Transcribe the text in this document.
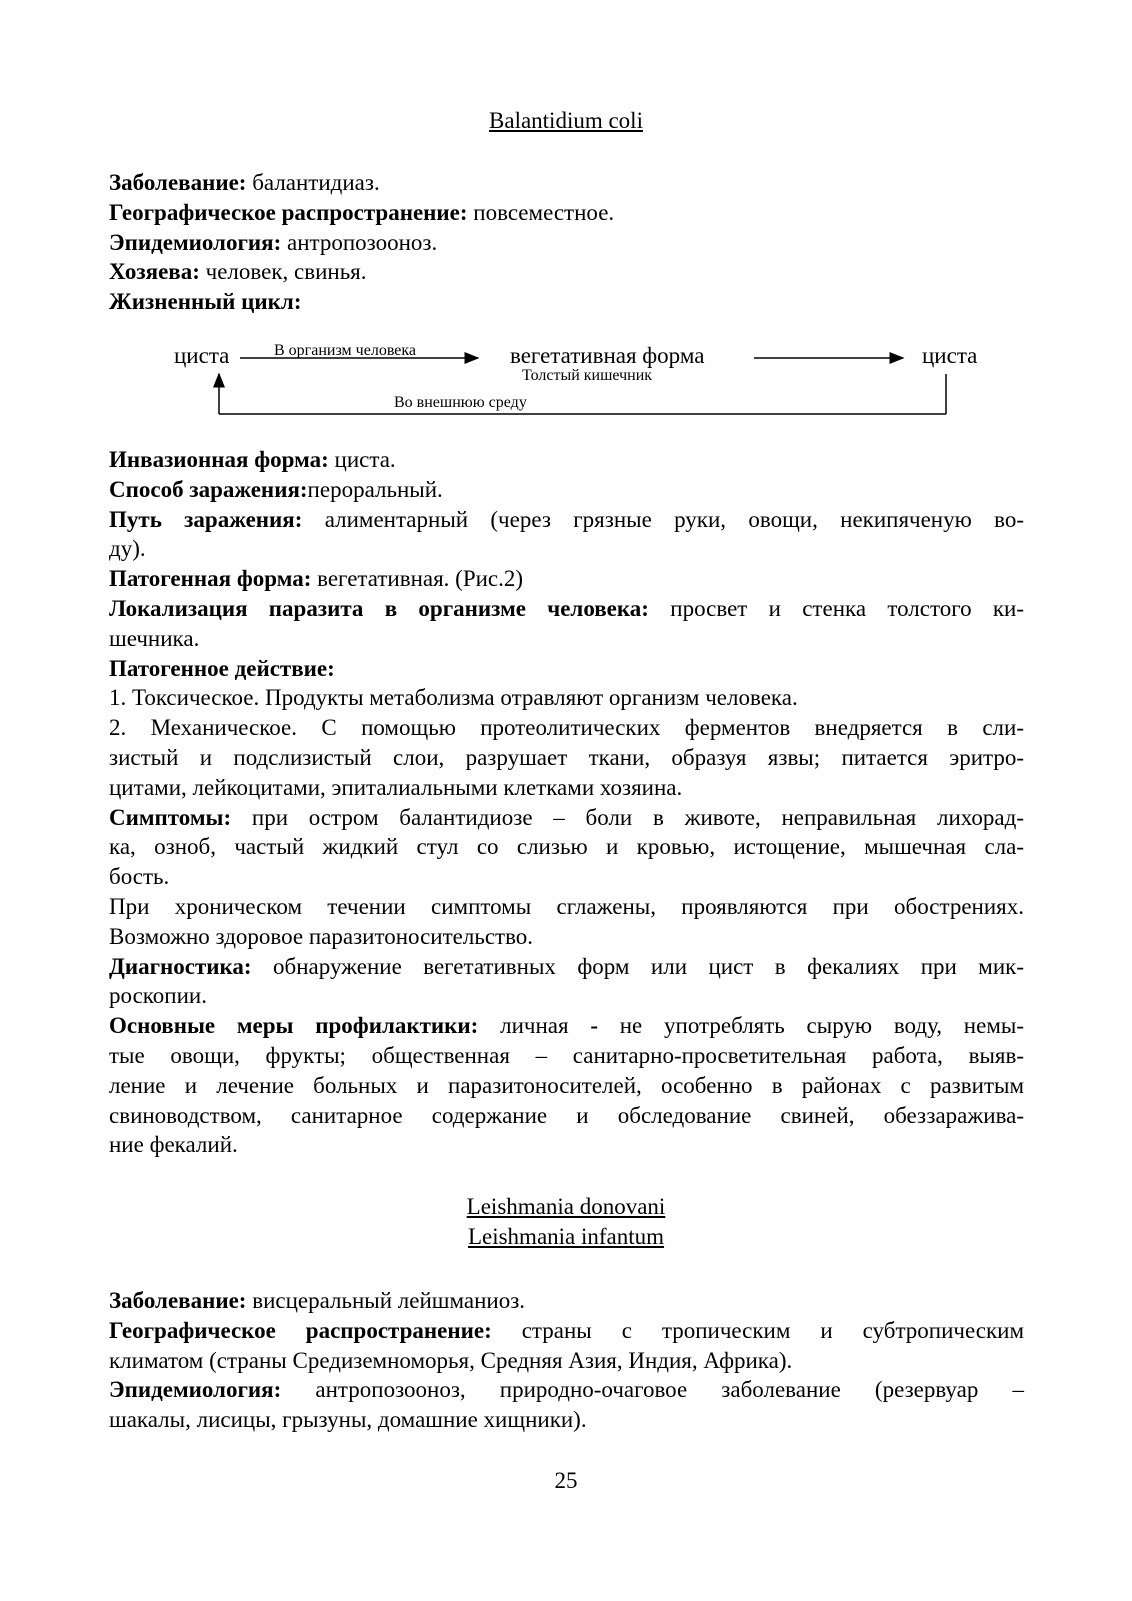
Balantidium coli
Заболевание: балантидиаз.
Географическое распространение: повсеместное.
Эпидемиология: антропозооноз.
Хозяева: человек, свинья.
Жизненный цикл:
циста	В организм человека	вегетативная форма
Толстый кишечник
циста
Во внешнюю среду
Инвазионная форма: циста.
Способ заражения:пероральный.
Путь заражения: алиментарный (через грязные руки, овощи, некипяченую во-
ду).
Патогенная форма: вегетативная. (Рис.2)
Локализация паразита в организме человека: просвет и стенка толстого ки-
шечника.
Патогенное действие:
1. Токсическое. Продукты метаболизма отравляют организм человека.
2. Механическое. С помощью протеолитических ферментов внедряется в сли-
зистый и подслизистый слои, разрушает ткани, образуя язвы; питается эритро-
цитами, лейкоцитами, эпиталиальными клетками хозяина.
Симптомы: при остром балантидиозе – боли в животе, неправильная лихорад-
ка, озноб, частый жидкий стул со слизью и кровью, истощение, мышечная сла-
бость.
При хроническом течении симптомы сглажены, проявляются при обострениях.
Возможно здоровое паразитоносительство.
Диагностика: обнаружение вегетативных форм или цист в фекалиях при мик-
роскопии.
Основные меры профилактики: личная - не употреблять сырую воду, немы-
тые овощи, фрукты; общественная – санитарно-просветительная работа, выяв-
ление и лечение больных и паразитоносителей, особенно в районах с развитым
свиноводством, санитарное содержание и обследование свиней, обеззаражива-
ние фекалий.
Leishmania donovani
Leishmania infantum
Заболевание: висцеральный лейшманиоз.
Географическое распространение: страны с тропическим и субтропическим
климатом (страны Средиземноморья, Средняя Азия, Индия, Африка).
Эпидемиология: антропозооноз, природно-очаговое заболевание (резервуар –
шакалы, лисицы, грызуны, домашние хищники).
25
